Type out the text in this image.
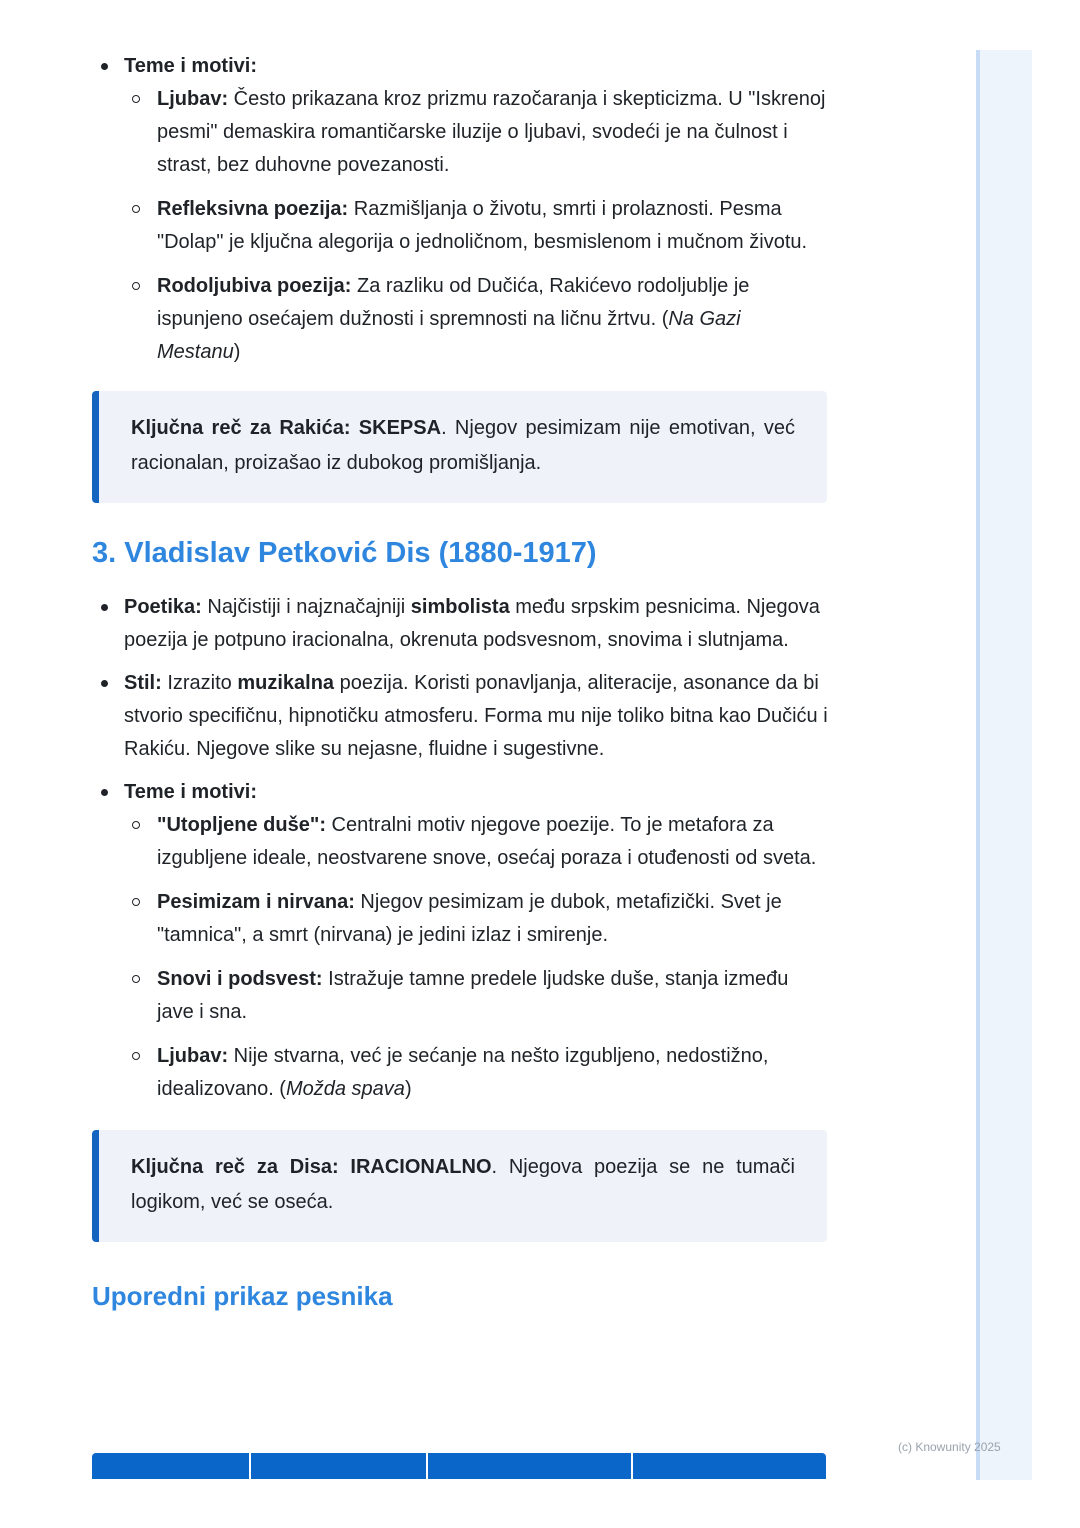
Teme i motivi:
Ljubav: Često prikazana kroz prizmu razočaranja i skepticizma. U "Iskrenoj pesmi" demaskira romantičarske iluzije o ljubavi, svodeći je na čulnost i strast, bez duhovne povezanosti.
Refleksivna poezija: Razmišljanja o životu, smrti i prolaznosti. Pesma "Dolap" je ključna alegorija o jednoličnom, besmislenom i mučnom životu.
Rodoljubiva poezija: Za razliku od Dučića, Rakićevo rodoljublje je ispunjeno osećajem dužnosti i spremnosti na ličnu žrtvu. (Na Gazi Mestanu)
Ključna reč za Rakića: SKEPSA. Njegov pesimizam nije emotivan, već racionalan, proizašao iz dubokog promišljanja.
3. Vladislav Petković Dis (1880-1917)
Poetika: Najčistiji i najznačajniji simbolista među srpskim pesnicima. Njegova poezija je potpuno iracionalna, okrenuta podsvesnom, snovima i slutnjama.
Stil: Izrazito muzikalna poezija. Koristi ponavljanja, aliteracije, asonance da bi stvorio specifičnu, hipnotičku atmosferu. Forma mu nije toliko bitna kao Dučiću i Rakiću. Njegove slike su nejasne, fluidne i sugestivne.
Teme i motivi:
"Utopljene duše": Centralni motiv njegove poezije. To je metafora za izgubljene ideale, neostvarene snove, osećaj poraza i otuđenosti od sveta.
Pesimizam i nirvana: Njegov pesimizam je dubok, metafizički. Svet je "tamnica", a smrt (nirvana) je jedini izlaz i smirenje.
Snovi i podsvest: Istražuje tamne predele ljudske duše, stanja između jave i sna.
Ljubav: Nije stvarna, već je sećanje na nešto izgubljeno, nedostižno, idealizovano. (Možda spava)
Ključna reč za Disa: IRACIONALNO. Njegova poezija se ne tumači logikom, već se oseća.
Uporedni prikaz pesnika
(c) Knowunity 2025
